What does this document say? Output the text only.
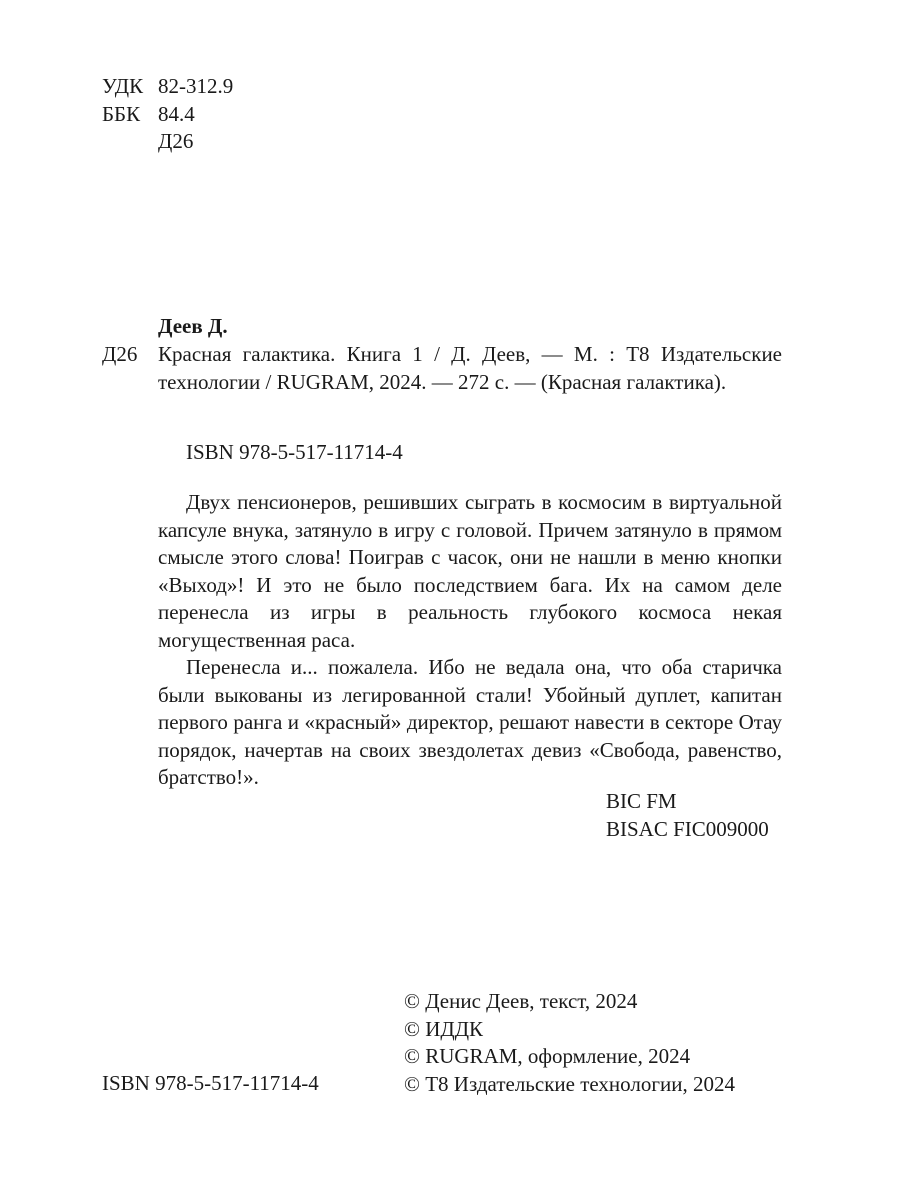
УДК 82-312.9
ББК 84.4
Д26
Деев Д.
Д26 Красная галактика. Книга 1 / Д. Деев, — М. : Т8 Издательские технологии / RUGRAM, 2024. — 272 с. — (Красная галактика).
ISBN 978-5-517-11714-4

Двух пенсионеров, решивших сыграть в космосим в виртуальной капсуле внука, затянуло в игру с головой. Причем затянуло в прямом смысле этого слова! Поиграв с часок, они не нашли в меню кнопки «Выход»! И это не было последствием бага. Их на самом деле перенесла из игры в реальность глубокого космоса некая могущественная раса.

Перенесла и... пожалела. Ибо не ведала она, что оба старичка были выкованы из легированной стали! Убойный дуплет, капитан первого ранга и «красный» директор, решают навести в секторе Отау порядок, начертав на своих звездолетах девиз «Свобода, равенство, братство!».

BIC FM
BISAC FIC009000
© Денис Деев, текст, 2024
© ИДДК
© RUGRAM, оформление, 2024
© Т8 Издательские технологии, 2024
ISBN 978-5-517-11714-4
